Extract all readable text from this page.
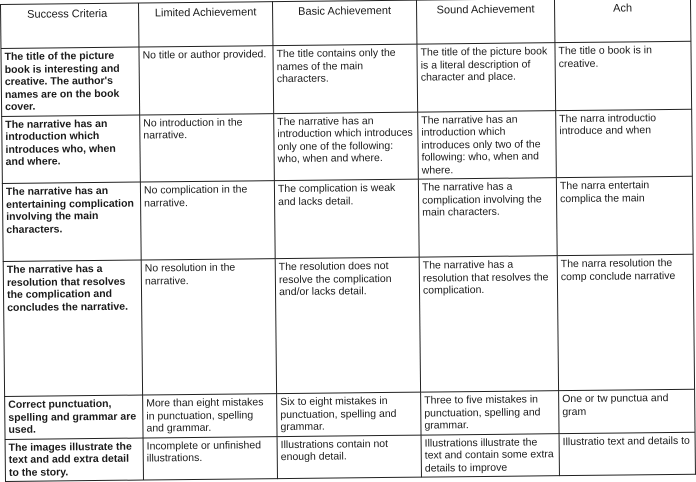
Success Criteria	Limited Achievement	Basic Achievement	Sound Achievement	Ach
The title of the picture book is interesting and creative. The author's names are on the book cover.	No title or author provided.	The title contains only the names of the main characters.	The title of the picture book is a literal description of character and place.	The title o book is in creative.
The narrative has an introduction which introduces who, when and where.	No introduction in the narrative.	The narrative has an introduction which introduces only one of the following: who, when and where.	The narrative has an introduction which introduces only two of the following: who, when and where.	The narra introductio introduce and when
The narrative has an entertaining complication involving the main characters.	No complication in the narrative.	The complication is weak and lacks detail.	The narrative has a complication involving the main characters.	The narra entertain complica the main
The narrative has a resolution that resolves the complication and concludes the narrative.	No resolution in the narrative.	The resolution does not resolve the complication and/or lacks detail.	The narrative has a resolution that resolves the complication.	The narra resolution the comp conclude narrative
Correct punctuation, spelling and grammar are used.	More than eight mistakes in punctuation, spelling and grammar.	Six to eight mistakes in punctuation, spelling and grammar.	Three to five mistakes in punctuation, spelling and grammar.	One or tw punctua and gram
The images illustrate the text and add extra detail to the story.	Incomplete or unfinished illustrations.	Illustrations contain not enough detail.	Illustrations illustrate the text and contain some extra details to improve	Illustratio text and details to
